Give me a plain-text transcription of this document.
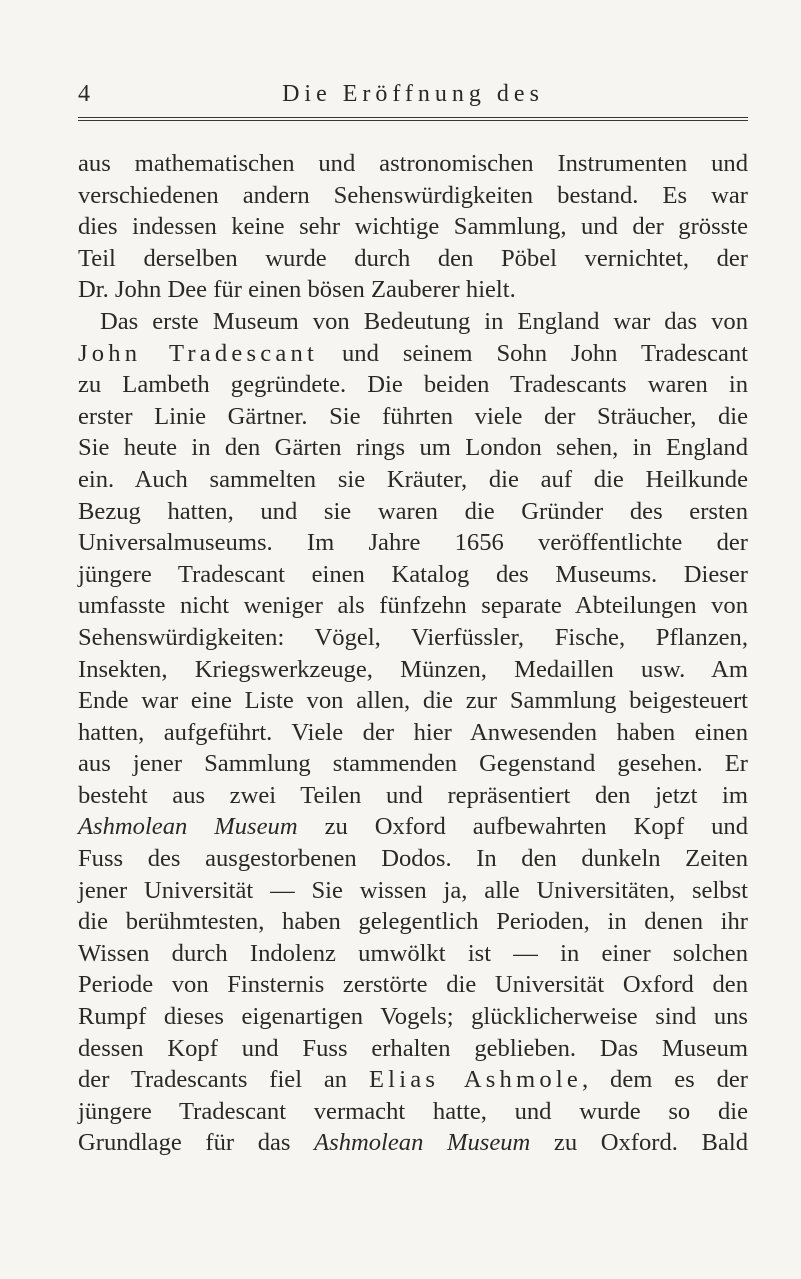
4	Die Eröffnung des
aus mathematischen und astronomischen Instrumenten und
verschiedenen andern Sehenswürdigkeiten bestand. Es war
dies indessen keine sehr wichtige Sammlung, und der grösste
Teil derselben wurde durch den Pöbel vernichtet, der
Dr. John Dee für einen bösen Zauberer hielt.
Das erste Museum von Bedeutung in England war das von
John Tradescant und seinem Sohn John Tradescant
zu Lambeth gegründete. Die beiden Tradescants waren in
erster Linie Gärtner. Sie führten viele der Sträucher, die
Sie heute in den Gärten rings um London sehen, in England
ein. Auch sammelten sie Kräuter, die auf die Heilkunde
Bezug hatten, und sie waren die Gründer des ersten
Universalmuseums. Im Jahre 1656 veröffentlichte der
jüngere Tradescant einen Katalog des Museums. Dieser
umfasste nicht weniger als fünfzehn separate Abteilungen von
Sehenswürdigkeiten: Vögel, Vierfüssler, Fische, Pflanzen,
Insekten, Kriegswerkzeuge, Münzen, Medaillen usw. Am
Ende war eine Liste von allen, die zur Sammlung beigesteuert
hatten, aufgeführt. Viele der hier Anwesenden haben einen
aus jener Sammlung stammenden Gegenstand gesehen. Er
besteht aus zwei Teilen und repräsentiert den jetzt im
Ashmolean Museum zu Oxford aufbewahrten Kopf und
Fuss des ausgestorbenen Dodos. In den dunkeln Zeiten
jener Universität — Sie wissen ja, alle Universitäten, selbst
die berühmtesten, haben gelegentlich Perioden, in denen ihr
Wissen durch Indolenz umwölkt ist — in einer solchen
Periode von Finsternis zerstörte die Universität Oxford den
Rumpf dieses eigenartigen Vogels; glücklicherweise sind uns
dessen Kopf und Fuss erhalten geblieben. Das Museum
der Tradescants fiel an Elias Ashmole, dem es der
jüngere Tradescant vermacht hatte, und wurde so die
Grundlage für das Ashmolean Museum zu Oxford. Bald
